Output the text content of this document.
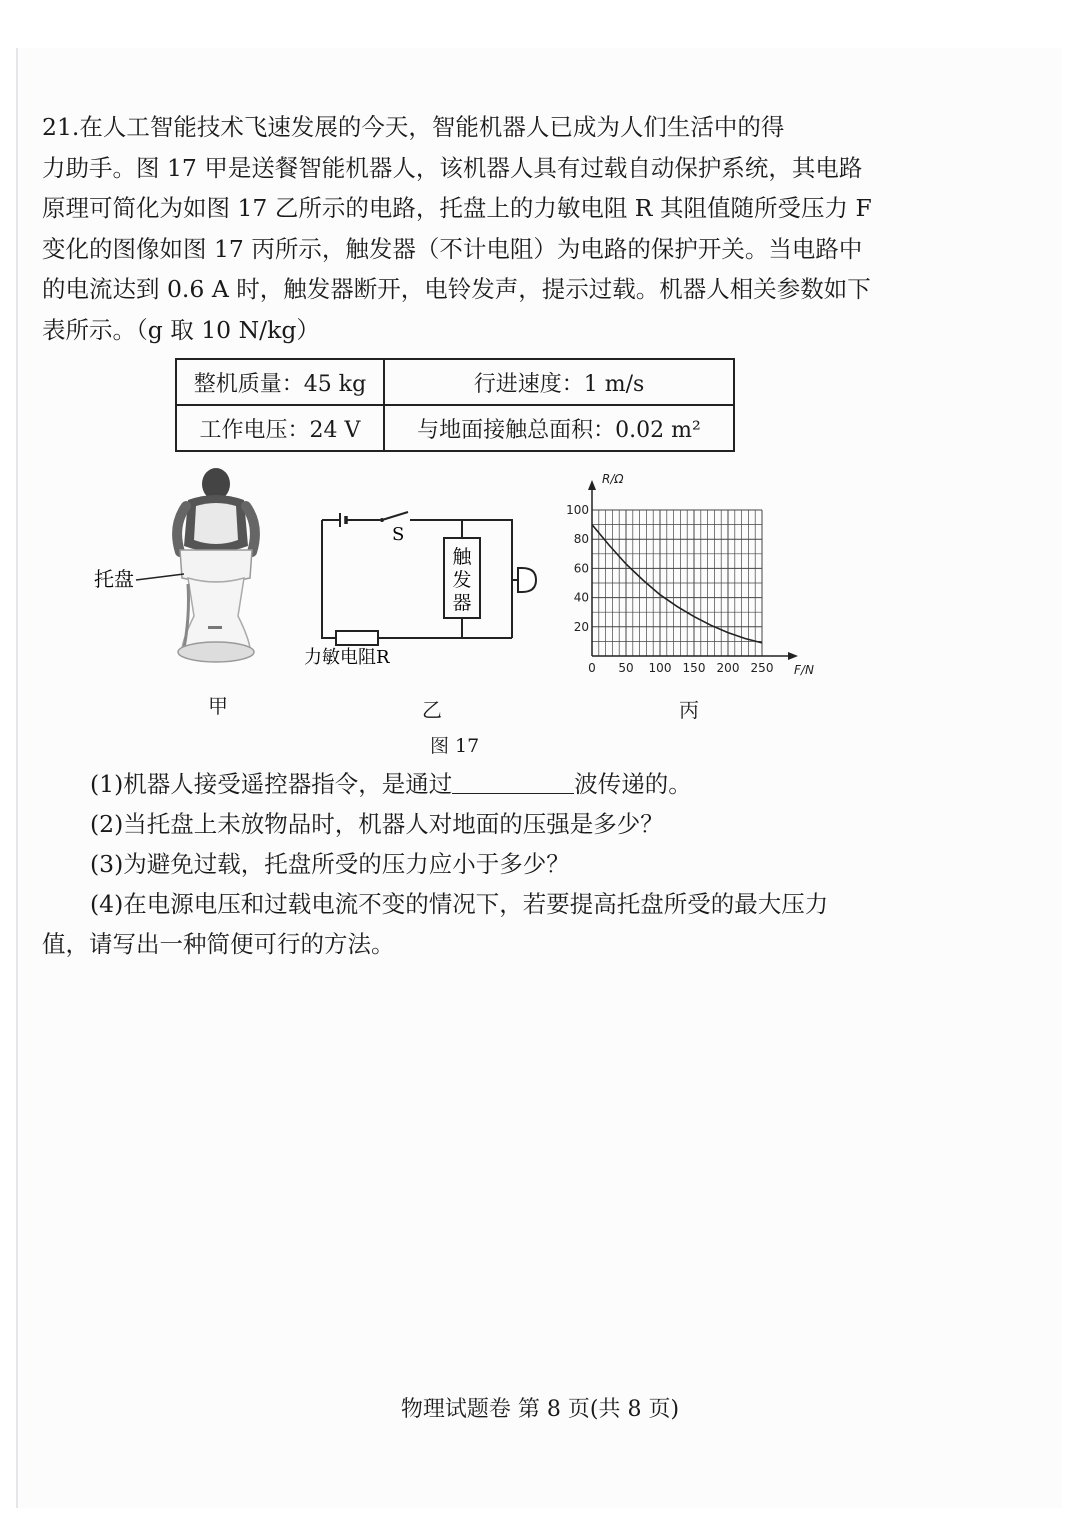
21.在人工智能技术飞速发展的今天，智能机器人已成为人们生活中的得
力助手。图 17 甲是送餐智能机器人，该机器人具有过载自动保护系统，其电路
原理可简化为如图 17 乙所示的电路，托盘上的力敏电阻 R 其阻值随所受压力 F
变化的图像如图 17 丙所示，触发器（不计电阻）为电路的保护开关。当电路中
的电流达到 0.6 A 时，触发器断开，电铃发声，提示过载。机器人相关参数如下
表所示。（g 取 10 N/kg）
整机质量：45 kg	行进速度：1 m/s
工作电压：24 V	与地面接触总面积：0.02 m²
托盘
S
触
发
器
力敏电阻R	0 50 100 150 200 250
20
40
60
80
100
R/Ω
F/N
甲	乙	丙
图 17
(1)机器人接受遥控器指令，是通过	波传递的。
(2)当托盘上未放物品时，机器人对地面的压强是多少？
(3)为避免过载，托盘所受的压力应小于多少？
(4)在电源电压和过载电流不变的情况下，若要提高托盘所受的最大压力
值，请写出一种简便可行的方法。
物理试题卷 第 8 页(共 8 页)
